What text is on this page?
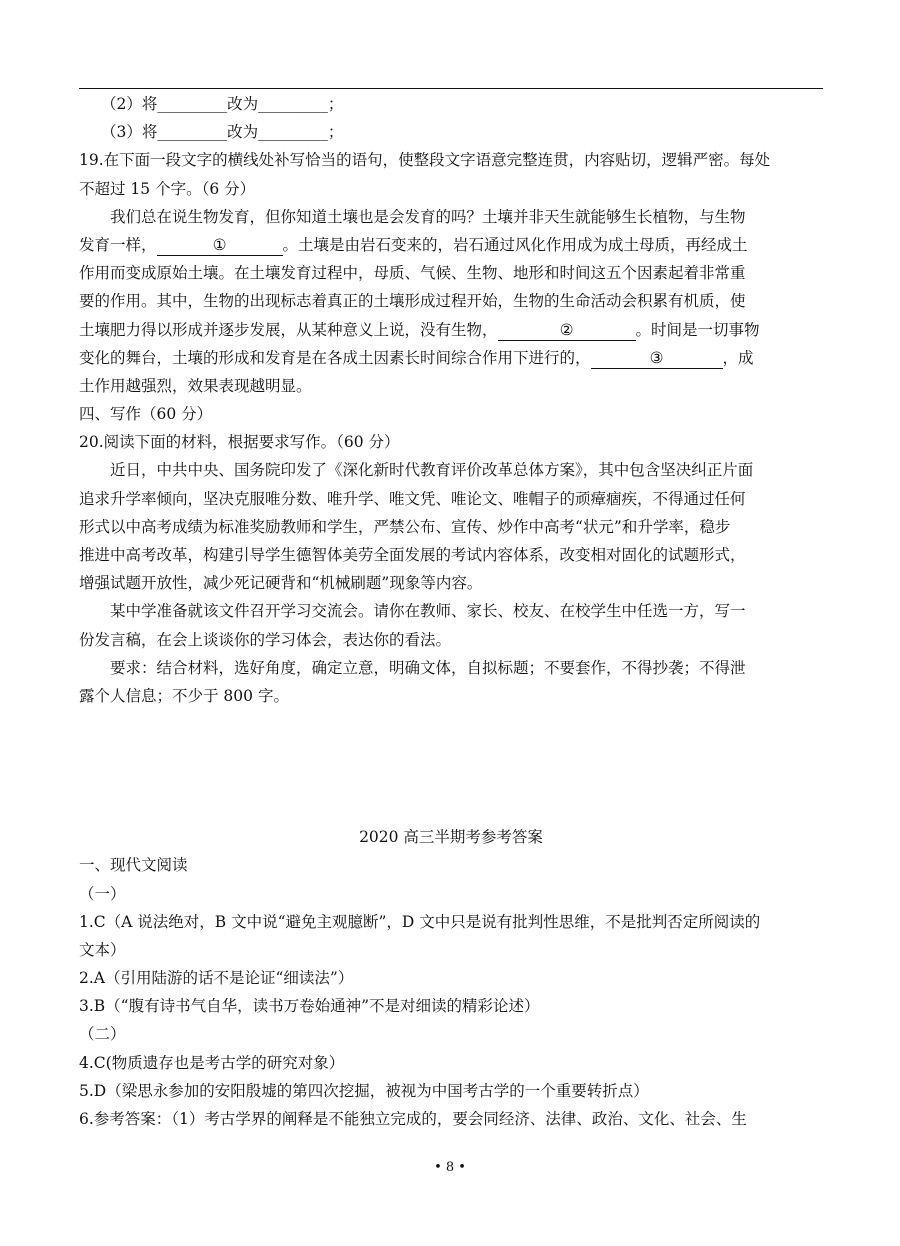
（2）将_________改为_________；
（3）将_________改为_________；
19.在下面一段文字的横线处补写恰当的语句，使整段文字语意完整连贯，内容贴切，逻辑严密。每处
不超过 15 个字。（6 分）
我们总在说生物发育，但你知道土壤也是会发育的吗？土壤并非天生就能够生长植物，与生物
发育一样，	①	。土壤是由岩石变来的，岩石通过风化作用成为成土母质，再经成土
作用而变成原始土壤。在土壤发育过程中，母质、气候、生物、地形和时间这五个因素起着非常重
要的作用。其中，生物的出现标志着真正的土壤形成过程开始，生物的生命活动会积累有机质，使
土壤肥力得以形成并逐步发展，从某种意义上说，没有生物，	②	。时间是一切事物
变化的舞台，土壤的形成和发育是在各成土因素长时间综合作用下进行的，	③	，成
土作用越强烈，效果表现越明显。
四、写作（60 分）
20.阅读下面的材料，根据要求写作。（60 分）
近日，中共中央、国务院印发了《深化新时代教育评价改革总体方案》，其中包含坚决纠正片面
追求升学率倾向，坚决克服唯分数、唯升学、唯文凭、唯论文、唯帽子的顽瘴痼疾，不得通过任何
形式以中高考成绩为标准奖励教师和学生，严禁公布、宣传、炒作中高考“状元”和升学率，稳步
推进中高考改革，构建引导学生德智体美劳全面发展的考试内容体系，改变相对固化的试题形式，
增强试题开放性，减少死记硬背和“机械刷题”现象等内容。
某中学准备就该文件召开学习交流会。请你在教师、家长、校友、在校学生中任选一方，写一
份发言稿，在会上谈谈你的学习体会，表达你的看法。
要求：结合材料，选好角度，确定立意，明确文体，自拟标题；不要套作，不得抄袭；不得泄
露个人信息；不少于 800 字。
2020 高三半期考参考答案
一、现代文阅读
（一）
1.C（A 说法绝对，B 文中说“避免主观臆断”，D 文中只是说有批判性思维，不是批判否定所阅读的
文本）
2.A（引用陆游的话不是论证“细读法”）
3.B（“腹有诗书气自华，读书万卷始通神”不是对细读的精彩论述）
（二）
4.C(物质遗存也是考古学的研究对象）
5.D（梁思永参加的安阳殷墟的第四次挖掘，被视为中国考古学的一个重要转折点）
6.参考答案：（1）考古学界的阐释是不能独立完成的，要会同经济、法律、政治、文化、社会、生
• 8 •
